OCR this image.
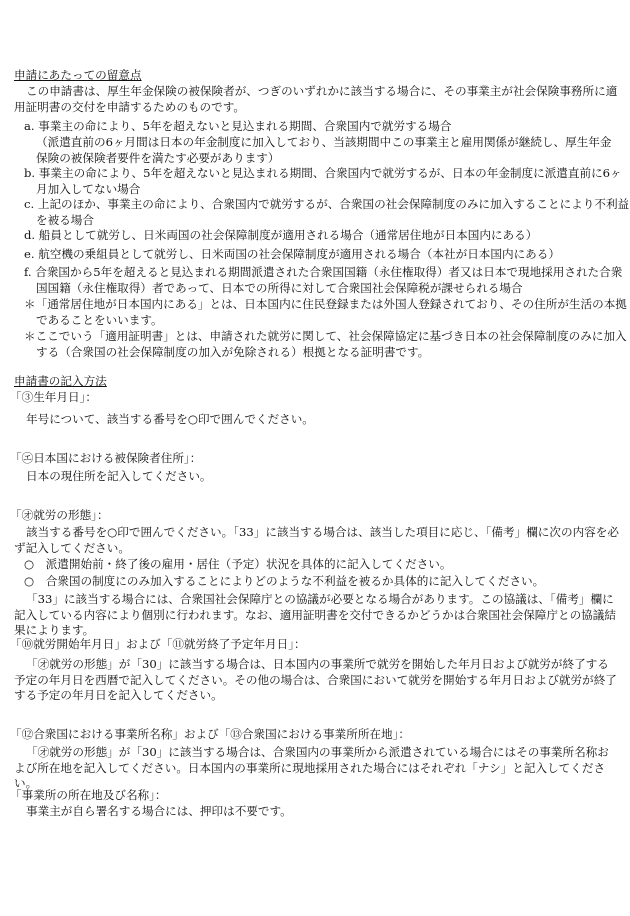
申請にあたっての留意点
この申請書は、厚生年金保険の被保険者が、つぎのいずれかに該当する場合に、その事業主が社会保険事務所に適用証明書の交付を申請するためのものです。
a. 事業主の命により、5年を超えないと見込まれる期間、合衆国内で就労する場合
（派遣直前の6ヶ月間は日本の年金制度に加入しており、当該期間中この事業主と雇用関係が継続し、厚生年金保険の被保険者要件を満たす必要があります）
b. 事業主の命により、5年を超えないと見込まれる期間、合衆国内で就労するが、日本の年金制度に派遣直前に6ヶ月加入してない場合
c. 上記のほか、事業主の命により、合衆国内で就労するが、合衆国の社会保障制度のみに加入することにより不利益を被る場合
d. 船員として就労し、日米両国の社会保障制度が適用される場合（通常居住地が日本国内にある）
e. 航空機の乗組員として就労し、日米両国の社会保障制度が適用される場合（本社が日本国内にある）
f. 合衆国から5年を超えると見込まれる期間派遣された合衆国国籍（永住権取得）者又は日本で現地採用された合衆国国籍（永住権取得）者であって、日本での所得に対して合衆国社会保障税が課せられる場合
＊「通常居住地が日本国内にある」とは、日本国内に住民登録または外国人登録されており、その住所が生活の本拠であることをいいます。
＊ここでいう「適用証明書」とは、申請された就労に関して、社会保障協定に基づき日本の社会保障制度のみに加入する（合衆国の社会保障制度の加入が免除される）根拠となる証明書です。
申請書の記入方法
「③生年月日」：
年号について、該当する番号を○印で囲んでください。
「㋓日本国における被保険者住所」：
日本の現住所を記入してください。
「㋔就労の形態」：
該当する番号を○印で囲んでください。「33」に該当する場合は、該当した項目に応じ、「備考」欄に次の内容を必ず記入してください。
○　派遣開始前・終了後の雇用・居住（予定）状況を具体的に記入してください。
○　合衆国の制度にのみ加入することによりどのような不利益を被るか具体的に記入してください。
「33」に該当する場合には、合衆国社会保障庁との協議が必要となる場合があります。この協議は、「備考」欄に記入している内容により個別に行われます。なお、適用証明書を交付できるかどうかは合衆国社会保障庁との協議結果によります。
「⑩就労開始年月日」および「⑪就労終了予定年月日」：
「㋔就労の形態」が「30」に該当する場合は、日本国内の事業所で就労を開始した年月日および就労が終了する予定の年月日を西暦で記入してください。その他の場合は、合衆国において就労を開始する年月日および就労が終了する予定の年月日を記入してください。
「⑫合衆国における事業所名称」および「⑬合衆国における事業所所在地」：
「㋔就労の形態」が「30」に該当する場合は、合衆国内の事業所から派遣されている場合にはその事業所名称および所在地を記入してください。日本国内の事業所に現地採用された場合にはそれぞれ「ナシ」と記入してください。
「事業所の所在地及び名称」：
事業主が自ら署名する場合には、押印は不要です。
